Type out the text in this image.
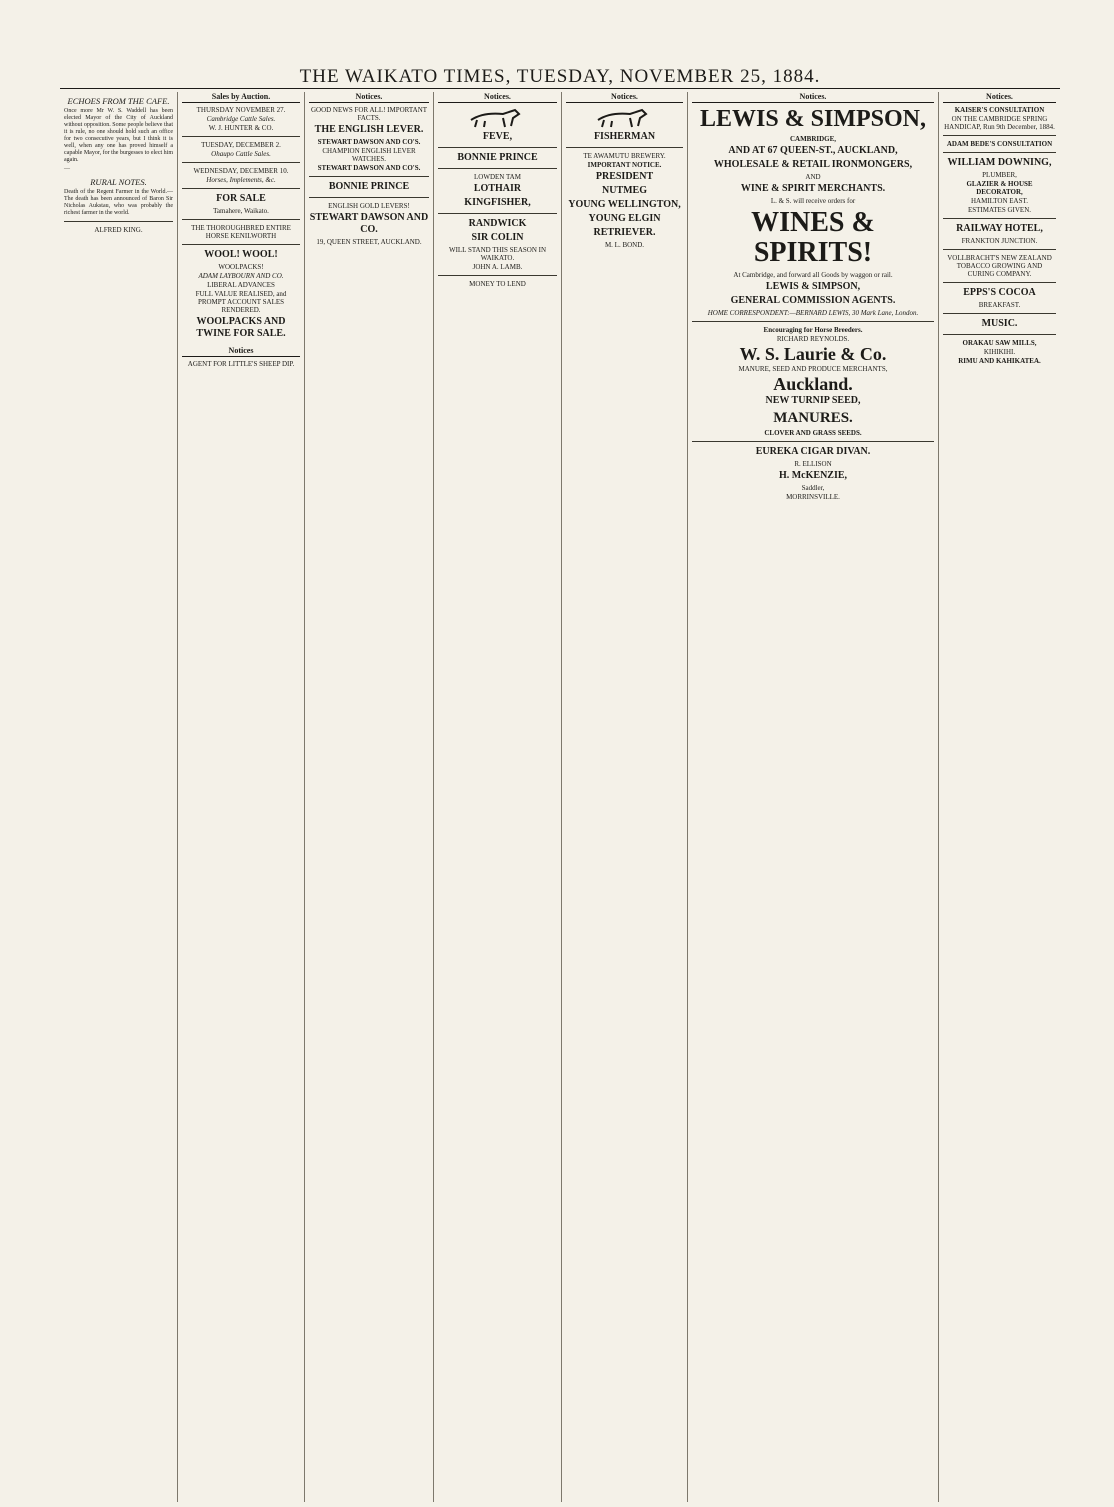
THE WAIKATO TIMES, TUESDAY, NOVEMBER 25, 1884.
ECHOES FROM THE CAFE.
Once more Mr W. S. Waddell has been elected Mayor of the City of Auckland without opposition. Some people believe that it is rule, no one should hold such an office for two consecutive years, but I think it is well, when any one has proved himself a capable Mayor, for the burgesses to elect him again.
—
RURAL NOTES.
Death of the Regent Farmer in the World.—The death has been announced of Baron Sir Nicholas Aukstau, who was probably the richest farmer in the world.
ALFRED KING.
Sales by Auction.
THURSDAY NOVEMBER 27.
Cambridge Cattle Sales.
W. J. HUNTER & CO.
TUESDAY, DECEMBER 2.
Ohaupo Cattle Sales.
WEDNESDAY, DECEMBER 10.
Horses, Implements, &c.
FOR SALE
Tamahere, Waikato.
THE THOROUGHBRED ENTIRE HORSE KENILWORTH
WOOL! WOOL!
WOOLPACKS!
ADAM LAYBOURN AND CO.
LIBERAL ADVANCES
FULL VALUE REALISED, and PROMPT ACCOUNT SALES RENDERED.
WOOLPACKS AND TWINE FOR SALE.
Notices
AGENT FOR LITTLE'S SHEEP DIP.
Notices.
GOOD NEWS FOR ALL! IMPORTANT FACTS.
THE ENGLISH LEVER.
STEWART DAWSON AND CO'S.
CHAMPION ENGLISH LEVER WATCHES.
STEWART DAWSON AND CO'S.
BONNIE PRINCE
ENGLISH GOLD LEVERS!
STEWART DAWSON AND CO.
19, QUEEN STREET, AUCKLAND.
Notices.
FEVE,
BONNIE PRINCE
LOWDEN TAM
LOTHAIR
KINGFISHER,
RANDWICK
SIR COLIN
WILL STAND THIS SEASON IN WAIKATO.
JOHN A. LAMB.
MONEY TO LEND
Notices.
FISHERMAN
TE AWAMUTU BREWERY.
IMPORTANT NOTICE.
PRESIDENT
NUTMEG
YOUNG WELLINGTON,
YOUNG ELGIN
RETRIEVER.
M. L. BOND.
Notices.
LEWIS & SIMPSON,
CAMBRIDGE,
AND AT 67 QUEEN-ST., AUCKLAND,
WHOLESALE & RETAIL IRONMONGERS,
AND
WINE & SPIRIT MERCHANTS.
L. & S. will receive orders for
WINES & SPIRITS!
At Cambridge, and forward all Goods by waggon or rail.
LEWIS & SIMPSON,
GENERAL COMMISSION AGENTS.
HOME CORRESPONDENT:—BERNARD LEWIS, 30 Mark Lane, London.
Encouraging for Horse Breeders.
RICHARD REYNOLDS.
W. S. Laurie & Co.
MANURE, SEED AND PRODUCE MERCHANTS,
Auckland.
NEW TURNIP SEED,
MANURES.
CLOVER AND GRASS SEEDS.
EUREKA CIGAR DIVAN.
R. ELLISON
H. McKENZIE,
Saddler,
MORRINSVILLE.
Notices.
KAISER'S CONSULTATION
ON THE CAMBRIDGE SPRING HANDICAP, Run 9th December, 1884.
ADAM BEDE'S CONSULTATION
WILLIAM DOWNING,
PLUMBER,
GLAZIER & HOUSE DECORATOR,
HAMILTON EAST.
ESTIMATES GIVEN.
RAILWAY HOTEL,
FRANKTON JUNCTION.
VOLLBRACHT'S NEW ZEALAND TOBACCO GROWING AND CURING COMPANY.
EPPS'S COCOA
BREAKFAST.
MUSIC.
ORAKAU SAW MILLS,
KIHIKIHI.
RIMU AND KAHIKATEA.
